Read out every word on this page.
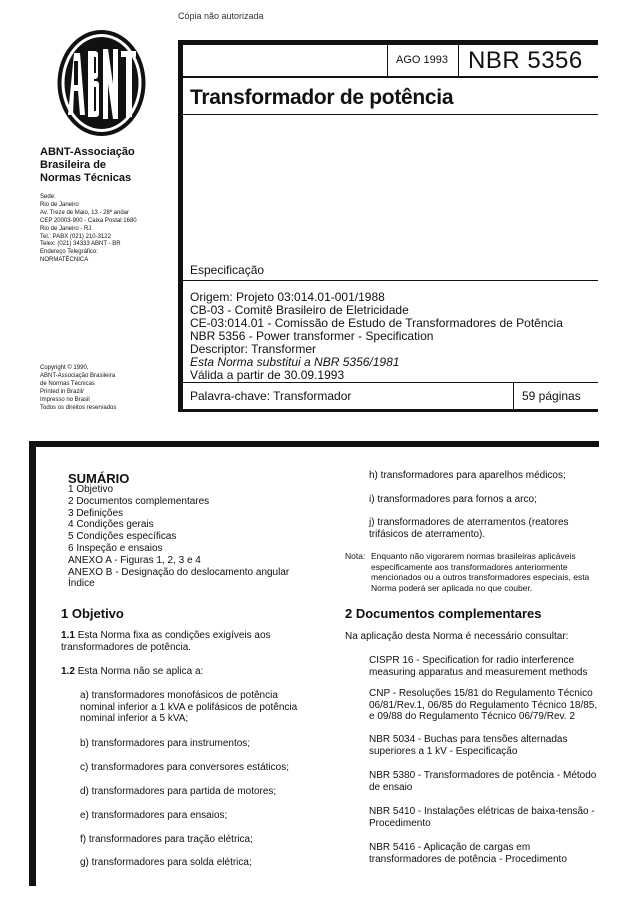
Cópia não autorizada
AGO 1993 NBR 5356
Transformador de potência
Especificação
Origem: Projeto 03:014.01-001/1988
CB-03 - Comitê Brasileiro de Eletricidade
CE-03:014.01 - Comissão de Estudo de Transformadores de Potência
NBR 5356 - Power transformer - Specification
Descriptor: Transformer
Esta Norma substitui a NBR 5356/1981
Válida a partir de 30.09.1993
Palavra-chave: Transformador	59 páginas
ABNT-Associação
Brasileira de
Normas Técnicas
Sede:
Rio de Janeiro
Av. Treze de Maio, 13 - 28º andar
CEP 20003-900 - Caixa Postal 1680
Rio de Janeiro - RJ
Tel.: PABX (021) 210-3122
Telex: (021) 34333 ABNT - BR
Endereço Telegráfico:
NORMATÉCNICA
Copyright © 1990,
ABNT-Associação Brasileira
de Normas Técnicas
Printed in Brazil/
Impresso no Brasil
Todos os direitos reservados
SUMÁRIO
1 Objetivo
2 Documentos complementares
3 Definições
4 Condições gerais
5 Condições específicas
6 Inspeção e ensaios
ANEXO A - Figuras 1, 2, 3 e 4
ANEXO B - Designação do deslocamento angular
Índice
1 Objetivo
1.1 Esta Norma fixa as condições exigíveis aos transformadores de potência.
1.2 Esta Norma não se aplica a:
a) transformadores monofásicos de potência nominal inferior a 1 kVA e polifásicos de potência nominal inferior a 5 kVA;
b) transformadores para instrumentos;
c) transformadores para conversores estáticos;
d) transformadores para partida de motores;
e) transformadores para ensaios;
f) transformadores para tração elétrica;
g) transformadores para solda elétrica;
h) transformadores para aparelhos médicos;
i) transformadores para fornos a arco;
j) transformadores de aterramentos (reatores trifásicos de aterramento).
Nota: Enquanto não vigorarem normas brasileiras aplicáveis especificamente aos transformadores anteriormente mencionados ou a outros transformadores especiais, esta Norma poderá ser aplicada no que couber.
2 Documentos complementares
Na aplicação desta Norma é necessário consultar:
CISPR 16 - Specification for radio interference measuring apparatus and measurement methods
CNP - Resoluções 15/81 do Regulamento Técnico 06/81/Rev.1, 06/85 do Regulamento Técnico 18/85, e 09/88 do Regulamento Técnico 06/79/Rev. 2
NBR 5034 - Buchas para tensões alternadas superiores a 1 kV - Especificação
NBR 5380 - Transformadores de potência - Método de ensaio
NBR 5410 - Instalações elétricas de baixa-tensão - Procedimento
NBR 5416 - Aplicação de cargas em transformadores de potência - Procedimento
